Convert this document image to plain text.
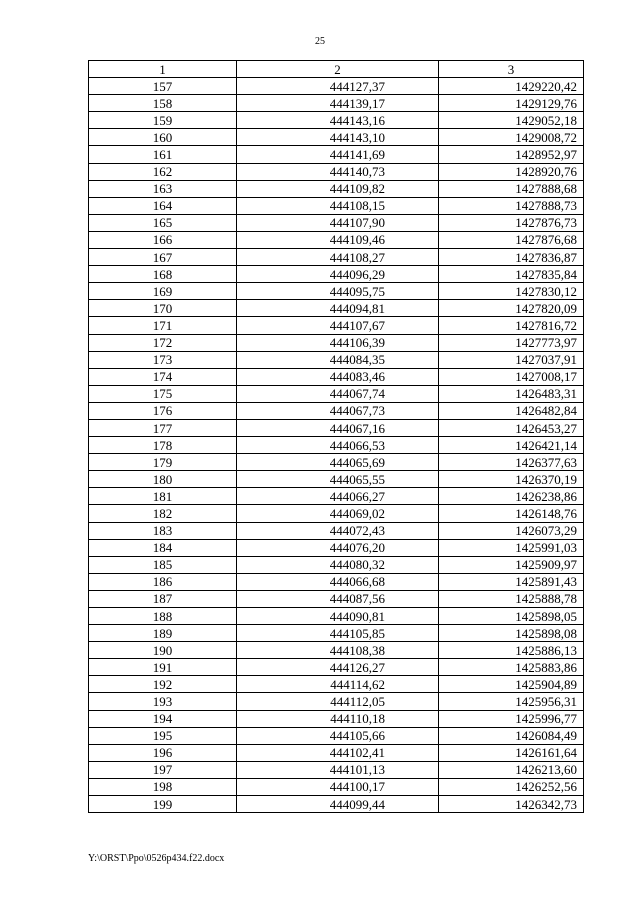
25
1	2	3
157	444127,37	1429220,42
158	444139,17	1429129,76
159	444143,16	1429052,18
160	444143,10	1429008,72
161	444141,69	1428952,97
162	444140,73	1428920,76
163	444109,82	1427888,68
164	444108,15	1427888,73
165	444107,90	1427876,73
166	444109,46	1427876,68
167	444108,27	1427836,87
168	444096,29	1427835,84
169	444095,75	1427830,12
170	444094,81	1427820,09
171	444107,67	1427816,72
172	444106,39	1427773,97
173	444084,35	1427037,91
174	444083,46	1427008,17
175	444067,74	1426483,31
176	444067,73	1426482,84
177	444067,16	1426453,27
178	444066,53	1426421,14
179	444065,69	1426377,63
180	444065,55	1426370,19
181	444066,27	1426238,86
182	444069,02	1426148,76
183	444072,43	1426073,29
184	444076,20	1425991,03
185	444080,32	1425909,97
186	444066,68	1425891,43
187	444087,56	1425888,78
188	444090,81	1425898,05
189	444105,85	1425898,08
190	444108,38	1425886,13
191	444126,27	1425883,86
192	444114,62	1425904,89
193	444112,05	1425956,31
194	444110,18	1425996,77
195	444105,66	1426084,49
196	444102,41	1426161,64
197	444101,13	1426213,60
198	444100,17	1426252,56
199	444099,44	1426342,73
Y:\ORST\Ppo\0526p434.f22.docx
